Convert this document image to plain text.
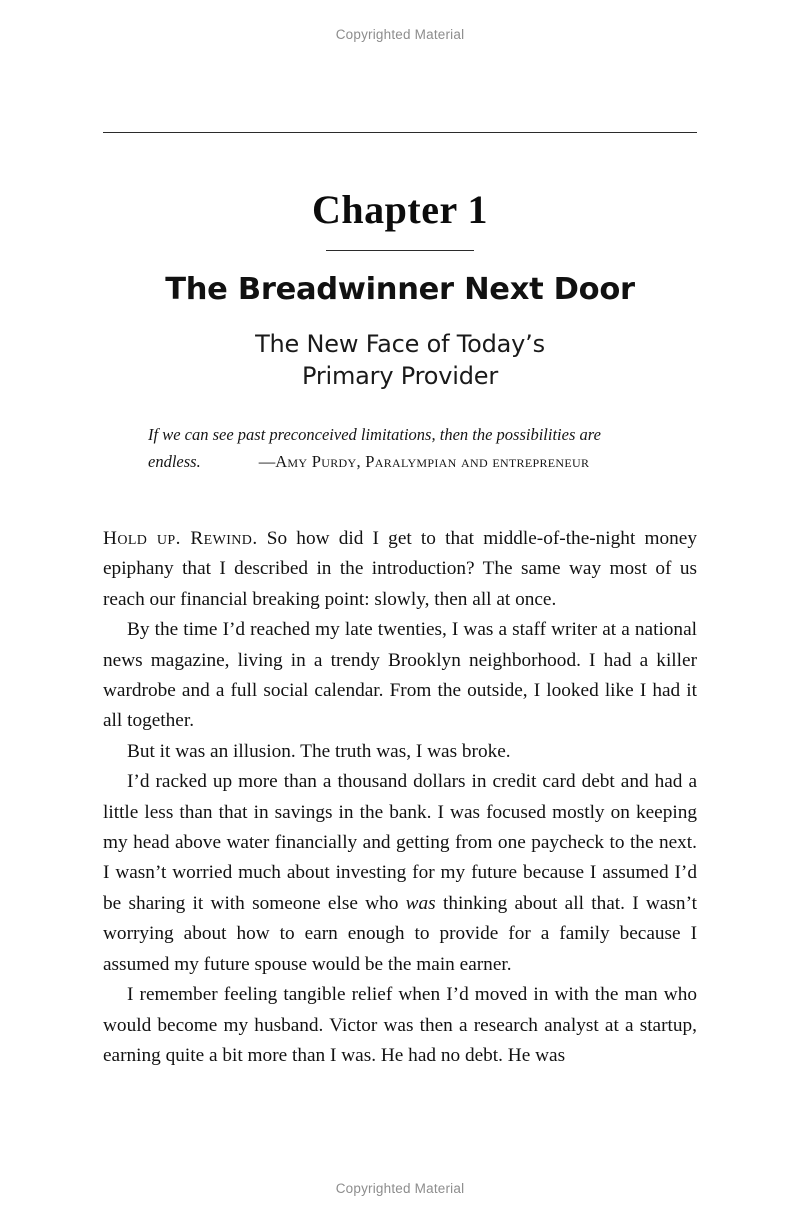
Copyrighted Material
Chapter 1
The Breadwinner Next Door
The New Face of Today’s
Primary Provider
If we can see past preconceived limitations, then the possibilities are endless.	—Amy Purdy, Paralympian and entrepreneur

Hold up. Rewind. So how did I get to that middle-of-the-night money epiphany that I described in the introduction? The same way most of us reach our financial breaking point: slowly, then all at once.

By the time I’d reached my late twenties, I was a staff writer at a national news magazine, living in a trendy Brooklyn neighborhood. I had a killer wardrobe and a full social calendar. From the outside, I looked like I had it all together.

But it was an illusion. The truth was, I was broke.

I’d racked up more than a thousand dollars in credit card debt and had a little less than that in savings in the bank. I was focused mostly on keeping my head above water financially and getting from one paycheck to the next. I wasn’t worried much about investing for my future because I assumed I’d be sharing it with someone else who was thinking about all that. I wasn’t worrying about how to earn enough to provide for a family because I assumed my future spouse would be the main earner.

I remember feeling tangible relief when I’d moved in with the man who would become my husband. Victor was then a research analyst at a startup, earning quite a bit more than I was. He had no debt. He was

Copyrighted Material
